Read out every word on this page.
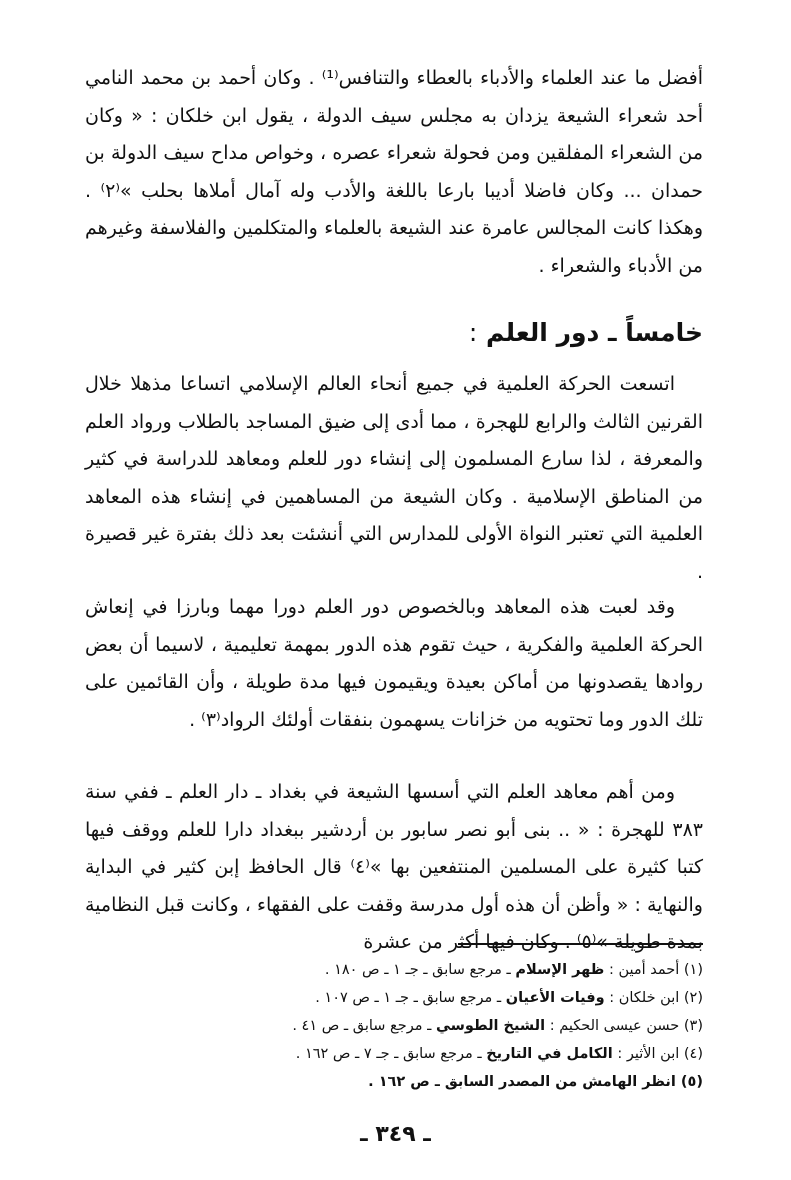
أفضل ما عند العلماء والأدباء بالعطاء والتنافس⁽¹⁾ . وكان أحمد بن محمد النامي أحد شعراء الشيعة يزدان به مجلس سيف الدولة ، يقول ابن خلكان : « وكان من الشعراء المفلقين ومن فحولة شعراء عصره ، وخواص مداح سيف الدولة بن حمدان ... وكان فاضلا أديبا بارعا باللغة والأدب وله آمال أملاها بحلب »⁽٢⁾ . وهكذا كانت المجالس عامرة عند الشيعة بالعلماء والمتكلمين والفلاسفة وغيرهم من الأدباء والشعراء .

خامساً ـ دور العلم :

اتسعت الحركة العلمية في جميع أنحاء العالم الإسلامي اتساعا مذهلا خلال القرنين الثالث والرابع للهجرة ، مما أدى إلى ضيق المساجد بالطلاب ورواد العلم والمعرفة ، لذا سارع المسلمون إلى إنشاء دور للعلم ومعاهد للدراسة في كثير من المناطق الإسلامية . وكان الشيعة من المساهمين في إنشاء هذه المعاهد العلمية التي تعتبر النواة الأولى للمدارس التي أنشئت بعد ذلك بفترة غير قصيرة .

وقد لعبت هذه المعاهد وبالخصوص دور العلم دورا مهما وبارزا في إنعاش الحركة العلمية والفكرية ، حيث تقوم هذه الدور بمهمة تعليمية ، لاسيما أن بعض روادها يقصدونها من أماكن بعيدة ويقيمون فيها مدة طويلة ، وأن القائمين على تلك الدور وما تحتويه من خزانات يسهمون بنفقات أولئك الرواد⁽٣⁾ .

ومن أهم معاهد العلم التي أسسها الشيعة في بغداد ـ دار العلم ـ ففي سنة ٣٨٣ للهجرة : « .. بنى أبو نصر سابور بن أردشير ببغداد دارا للعلم ووقف فيها كتبا كثيرة على المسلمين المنتفعين بها »⁽٤⁾ قال الحافظ إبن كثير في البداية والنهاية : « وأظن أن هذه أول مدرسة وقفت على الفقهاء ، وكانت قبل النظامية بمدة طويلة »⁽٥⁾ . وكان فيها أكثر من عشرة

(١) أحمد أمين : ظهر الإسلام ـ مرجع سابق ـ جـ ١ ـ ص ١٨٠ .
(٢) ابن خلكان : وفيات الأعيان ـ مرجع سابق ـ جـ ١ ـ ص ١٠٧ .
(٣) حسن عيسى الحكيم : الشيخ الطوسي ـ مرجع سابق ـ ص ٤١ .
(٤) ابن الأثير : الكامل في التاريخ ـ مرجع سابق ـ جـ ٧ ـ ص ١٦٢ .
(٥) انظر الهامش من المصدر السابق ـ ص ١٦٢ .
ـ ٣٤٩ ـ
